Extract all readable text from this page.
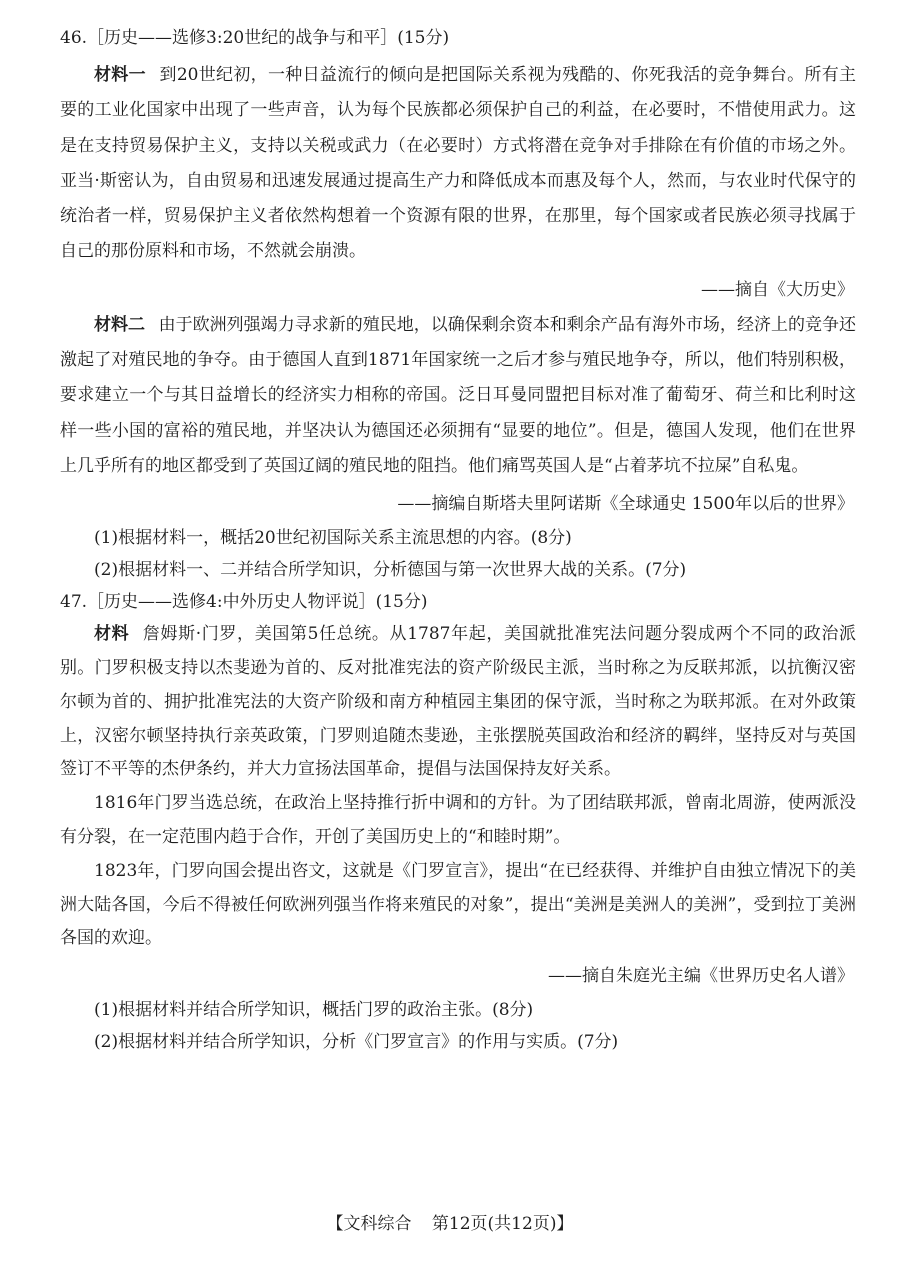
46.［历史——选修3:20世纪的战争与和平］(15分)

材料一 到20世纪初，一种日益流行的倾向是把国际关系视为残酷的、你死我活的竞争舞台。所有主要的工业化国家中出现了一些声音，认为每个民族都必须保护自己的利益，在必要时，不惜使用武力。这是在支持贸易保护主义，支持以关税或武力（在必要时）方式将潜在竞争对手排除在有价值的市场之外。亚当·斯密认为，自由贸易和迅速发展通过提高生产力和降低成本而惠及每个人，然而，与农业时代保守的统治者一样，贸易保护主义者依然构想着一个资源有限的世界，在那里，每个国家或者民族必须寻找属于自己的那份原料和市场，不然就会崩溃。

——摘自《大历史》

材料二 由于欧洲列强竭力寻求新的殖民地，以确保剩余资本和剩余产品有海外市场，经济上的竞争还激起了对殖民地的争夺。由于德国人直到1871年国家统一之后才参与殖民地争夺，所以，他们特别积极，要求建立一个与其日益增长的经济实力相称的帝国。泛日耳曼同盟把目标对准了葡萄牙、荷兰和比利时这样一些小国的富裕的殖民地，并坚决认为德国还必须拥有“显要的地位”。但是，德国人发现，他们在世界上几乎所有的地区都受到了英国辽阔的殖民地的阻挡。他们痛骂英国人是“占着茅坑不拉屎”自私鬼。

——摘编自斯塔夫里阿诺斯《全球通史 1500年以后的世界》

(1)根据材料一，概括20世纪初国际关系主流思想的内容。(8分)

(2)根据材料一、二并结合所学知识，分析德国与第一次世界大战的关系。(7分)

47.［历史——选修4:中外历史人物评说］(15分)

材料 詹姆斯·门罗，美国第5任总统。从1787年起，美国就批准宪法问题分裂成两个不同的政治派别。门罗积极支持以杰斐逊为首的、反对批准宪法的资产阶级民主派，当时称之为反联邦派，以抗衡汉密尔顿为首的、拥护批准宪法的大资产阶级和南方种植园主集团的保守派，当时称之为联邦派。在对外政策上，汉密尔顿坚持执行亲英政策，门罗则追随杰斐逊，主张摆脱英国政治和经济的羁绊，坚持反对与英国签订不平等的杰伊条约，并大力宣扬法国革命，提倡与法国保持友好关系。

1816年门罗当选总统，在政治上坚持推行折中调和的方针。为了团结联邦派，曾南北周游，使两派没有分裂，在一定范围内趋于合作，开创了美国历史上的“和睦时期”。

1823年，门罗向国会提出咨文，这就是《门罗宣言》，提出“在已经获得、并维护自由独立情况下的美洲大陆各国，今后不得被任何欧洲列强当作将来殖民的对象”，提出“美洲是美洲人的美洲”，受到拉丁美洲各国的欢迎。

——摘自朱庭光主编《世界历史名人谱》

(1)根据材料并结合所学知识，概括门罗的政治主张。(8分)

(2)根据材料并结合所学知识，分析《门罗宣言》的作用与实质。(7分)

【文科综合 第12页(共12页)】
